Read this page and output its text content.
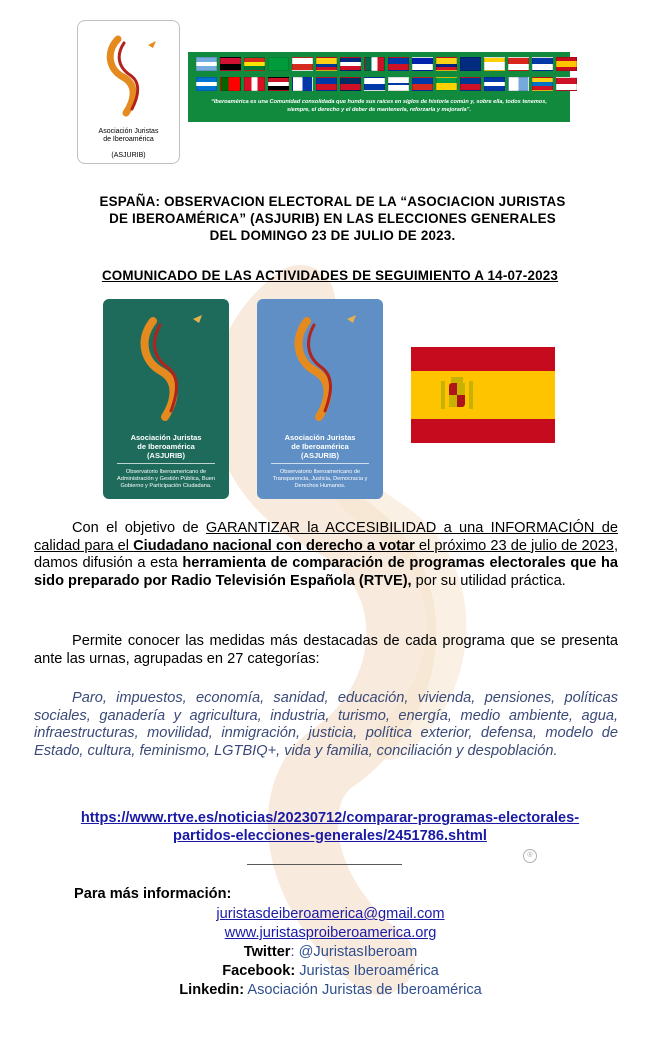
Asociación Juristas
de Iberoamérica
(ASJURIB)
“Iberoamérica es una Comunidad consolidada que hunde sus raíces en siglos de historia común y, sobre ella, todos tenemos, siempre, el derecho y el deber de mantenerla, reforzarla y mejorarla”.
ESPAÑA: OBSERVACION ELECTORAL DE LA “ASOCIACION JURISTAS
DE IBEROAMÉRICA” (ASJURIB) EN LAS ELECCIONES GENERALES
DEL DOMINGO 23 DE JULIO DE 2023.
COMUNICADO DE LAS ACTIVIDADES DE SEGUIMIENTO A 14-07-2023
Asociación Juristas
de Iberoamérica
(ASJURIB)
Observatorio Iberoamericano de Administración y Gestión Pública, Buen Gobierno y Participación Ciudadana.
Asociación Juristas
de Iberoamérica
(ASJURIB)
Observatorio Iberoamericano de Transparencia, Justicia, Democracia y Derechos Humanos.
Con el objetivo de GARANTIZAR la ACCESIBILIDAD a una INFORMACIÓN de calidad para el Ciudadano nacional con derecho a votar el próximo 23 de julio de 2023, damos difusión a esta herramienta de comparación de programas electorales que ha sido preparado por Radio Televisión Española (RTVE), por su utilidad práctica.
Permite conocer las medidas más destacadas de cada programa que se presenta ante las urnas, agrupadas en 27 categorías:
Paro, impuestos, economía, sanidad, educación, vivienda, pensiones, políticas sociales, ganadería y agricultura, industria, turismo, energía, medio ambiente, agua, infraestructuras, movilidad, inmigración, justicia, política exterior, defensa, modelo de Estado, cultura, feminismo, LGTBIQ+, vida y familia, conciliación y despoblación.
https://www.rtve.es/noticias/20230712/comparar-programas-electorales-
partidos-elecciones-generales/2451786.shtml
®
Para más información:
juristasdeiberoamerica@gmail.com
www.juristasproiberoamerica.org
Twitter: @JuristasIberoam
Facebook: Juristas Iberoamérica
Linkedin: Asociación Juristas de Iberoamérica
